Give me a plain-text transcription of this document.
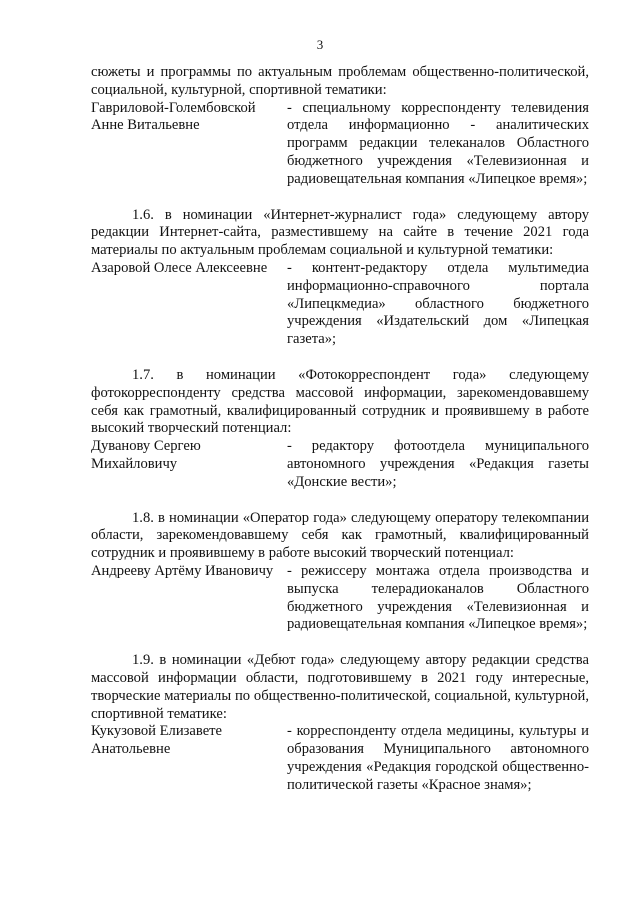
3

сюжеты и программы по актуальным проблемам общественно-политической, социальной, культурной, спортивной тематики:

Гавриловой-Голембовской Анне Витальевне
- специальному корреспонденту телевидения отдела информационно - аналитических программ редакции телеканалов Областного бюджетного учреждения «Телевизионная и радиовещательная компания «Липецкое время»;

1.6. в номинации «Интернет-журналист года» следующему автору редакции Интернет-сайта, разместившему на сайте в течение 2021 года материалы по актуальным проблемам социальной и культурной тематики:

Азаровой Олесе Алексеевне	- контент-редактору отдела мультимедиа информационно-справочного портала «Липецкмедиа» областного бюджетного учреждения «Издательский дом «Липецкая газета»;

1.7. в номинации «Фотокорреспондент года» следующему фотокорреспонденту средства массовой информации, зарекомендовавшему себя как грамотный, квалифицированный сотрудник и проявившему в работе высокий творческий потенциал:

Дуванову Сергею Михайловичу
- редактору фотоотдела муниципального автономного учреждения «Редакция газеты «Донские вести»;

1.8. в номинации «Оператор года» следующему оператору телекомпании области, зарекомендовавшему себя как грамотный, квалифицированный сотрудник и проявившему в работе высокий творческий потенциал:

Андрееву Артёму Ивановичу - режиссеру монтажа отдела производства и выпуска телерадиоканалов Областного бюджетного учреждения «Телевизионная и радиовещательная компания «Липецкое время»;

1.9. в номинации «Дебют года» следующему автору редакции средства массовой информации области, подготовившему в 2021 году интересные, творческие материалы по общественно-политической, социальной, культурной, спортивной тематике:

Кукузовой Елизавете Анатольевне
- корреспонденту отдела медицины, культуры и образования Муниципального автономного учреждения «Редакция городской общественно-политической газеты «Красное знамя»;
